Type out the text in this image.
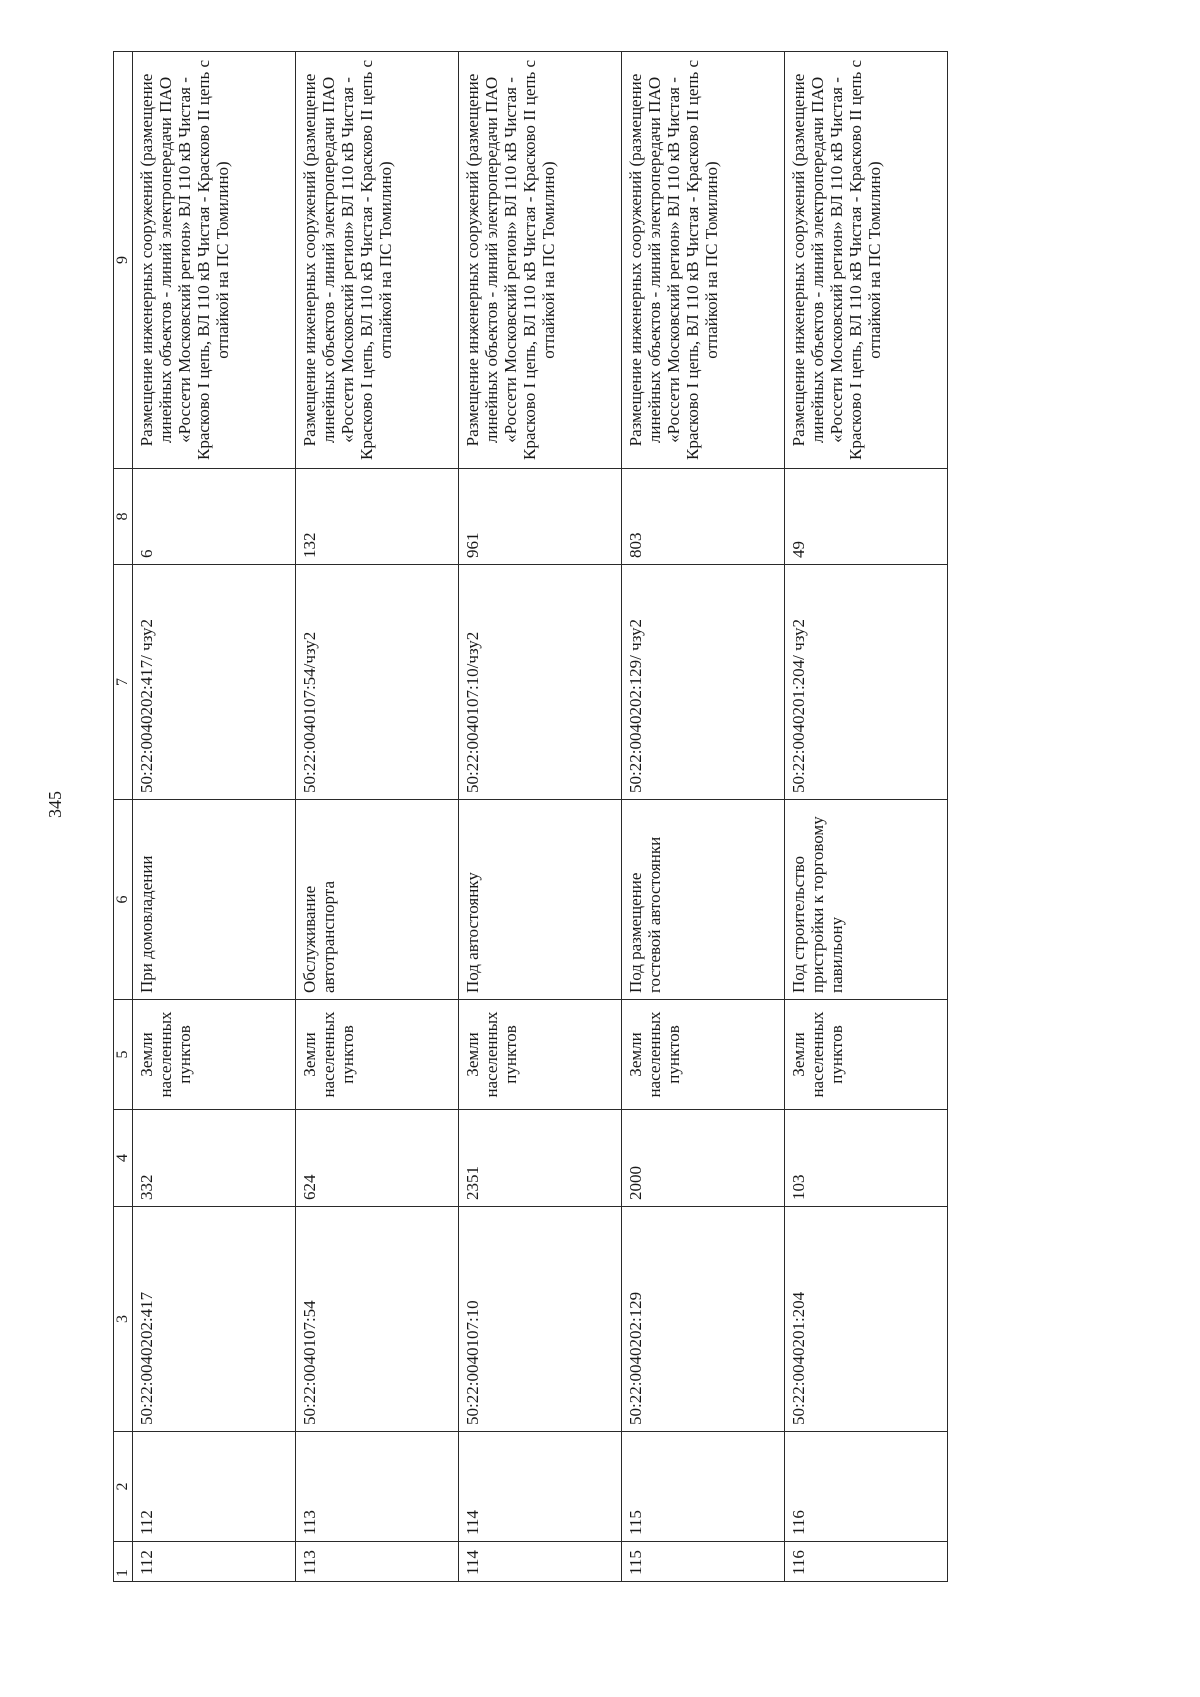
345
1	2	3	4	5	6	7	8	9
112	112	50:22:0040202:417	332	Земли населенных пунктов	При домовладении	50:22:0040202:417/ чзу2	6	Размещение инженерных сооружений (размещение линейных объектов - линий электропередачи ПАО «Россети Московский регион» ВЛ 110 кВ Чистая - Красково I цепь, ВЛ 110 кВ Чистая - Красково II цепь с отпайкой на ПС Томилино)
113	113	50:22:0040107:54	624	Земли населенных пунктов	Обслуживание автотранспорта	50:22:0040107:54/чзу2	132	Размещение инженерных сооружений (размещение линейных объектов - линий электропередачи ПАО «Россети Московский регион» ВЛ 110 кВ Чистая - Красково I цепь, ВЛ 110 кВ Чистая - Красково II цепь с отпайкой на ПС Томилино)
114	114	50:22:0040107:10	2351	Земли населенных пунктов	Под автостоянку	50:22:0040107:10/чзу2	961	Размещение инженерных сооружений (размещение линейных объектов - линий электропередачи ПАО «Россети Московский регион» ВЛ 110 кВ Чистая - Красково I цепь, ВЛ 110 кВ Чистая - Красково II цепь с отпайкой на ПС Томилино)
115	115	50:22:0040202:129	2000	Земли населенных пунктов	Под размещение гостевой автостоянки	50:22:0040202:129/ чзу2	803	Размещение инженерных сооружений (размещение линейных объектов - линий электропередачи ПАО «Россети Московский регион» ВЛ 110 кВ Чистая - Красково I цепь, ВЛ 110 кВ Чистая - Красково II цепь с отпайкой на ПС Томилино)
116	116	50:22:0040201:204	103	Земли населенных пунктов	Под строительство пристройки к торговому павильону	50:22:0040201:204/ чзу2	49	Размещение инженерных сооружений (размещение линейных объектов - линий электропередачи ПАО «Россети Московский регион» ВЛ 110 кВ Чистая - Красково I цепь, ВЛ 110 кВ Чистая - Красково II цепь с отпайкой на ПС Томилино)
